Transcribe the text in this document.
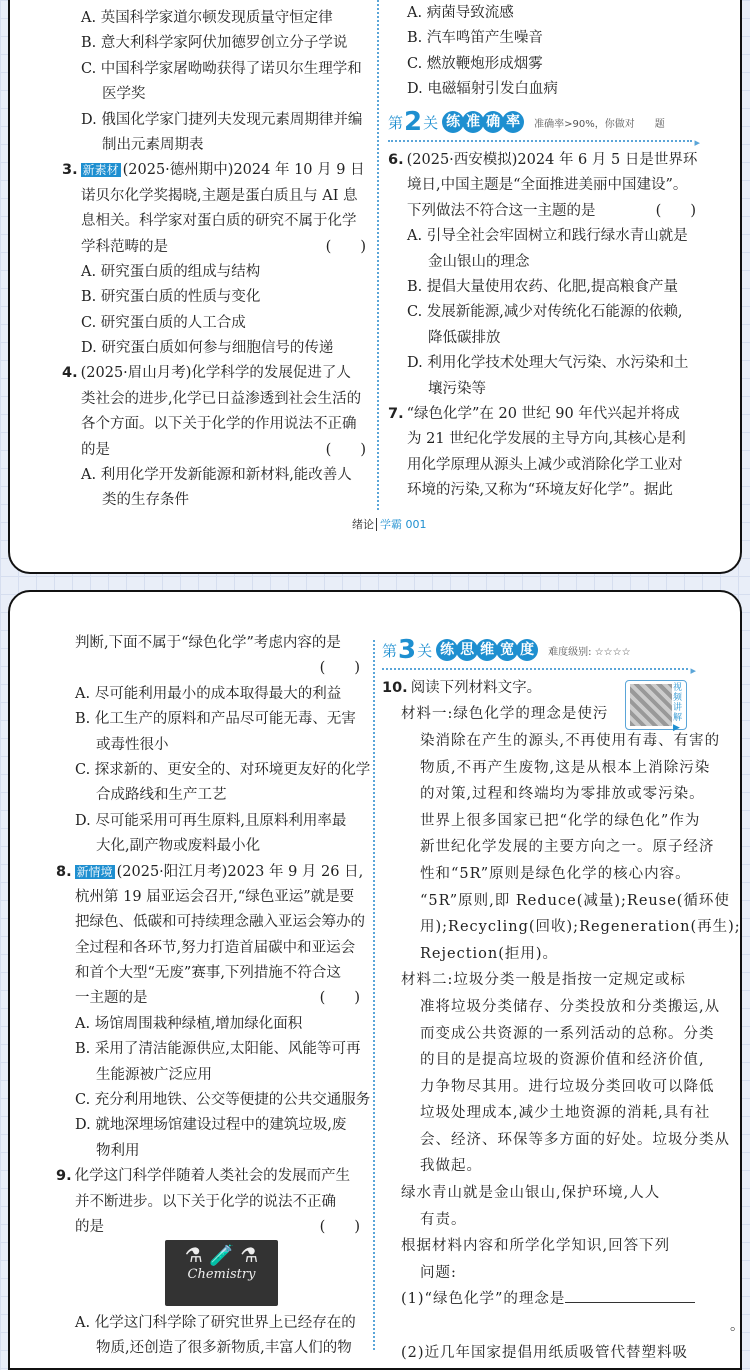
A. 英国科学家道尔顿发现质量守恒定律
B. 意大利科学家阿伏加德罗创立分子学说
C. 中国科学家屠呦呦获得了诺贝尔生理学和
医学奖
D. 俄国化学家门捷列夫发现元素周期律并编
制出元素周期表
3. 新素材 (2025·德州期中)2024 年 10 月 9 日
诺贝尔化学奖揭晓,主题是蛋白质且与 AI 息
息相关。科学家对蛋白质的研究不属于化学
学科范畴的是	(　　)
A. 研究蛋白质的组成与结构
B. 研究蛋白质的性质与变化
C. 研究蛋白质的人工合成
D. 研究蛋白质如何参与细胞信号的传递
4. (2025·眉山月考)化学科学的发展促进了人
类社会的进步,化学已日益渗透到社会生活的
各个方面。以下关于化学的作用说法不正确
的是	(　　)
A. 利用化学开发新能源和新材料,能改善人
类的生存条件
A. 病菌导致流感
B. 汽车鸣笛产生噪音
C. 燃放鞭炮形成烟雾
D. 电磁辐射引发白血病
第 2 关 练 准 确 率 准确率>90%，你做对　　题
▸
6. (2025·西安模拟)2024 年 6 月 5 日是世界环
境日,中国主题是“全面推进美丽中国建设”。
下列做法不符合这一主题的是	(　　)
A. 引导全社会牢固树立和践行绿水青山就是
金山银山的理念
B. 提倡大量使用农药、化肥,提高粮食产量
C. 发展新能源,减少对传统化石能源的依赖,
降低碳排放
D. 利用化学技术处理大气污染、水污染和土
壤污染等
7. “绿色化学”在 20 世纪 90 年代兴起并将成
为 21 世纪化学发展的主导方向,其核心是利
用化学原理从源头上减少或消除化学工业对
环境的污染,又称为“环境友好化学”。据此
绪论 学霸 001
判断,下面不属于“绿色化学”考虑内容的是
(　　)
A. 尽可能利用最小的成本取得最大的利益
B. 化工生产的原料和产品尽可能无毒、无害
或毒性很小
C. 探求新的、更安全的、对环境更友好的化学
合成路线和生产工艺
D. 尽可能采用可再生原料,且原料利用率最
大化,副产物或废料最小化
8. 新情境 (2025·阳江月考)2023 年 9 月 26 日,
杭州第 19 届亚运会召开,“绿色亚运”就是要
把绿色、低碳和可持续理念融入亚运会筹办的
全过程和各环节,努力打造首届碳中和亚运会
和首个大型“无废”赛事,下列措施不符合这
一主题的是	(　　)
A. 场馆周围栽种绿植,增加绿化面积
B. 采用了清洁能源供应,太阳能、风能等可再
生能源被广泛应用
C. 充分利用地铁、公交等便捷的公共交通服务
D. 就地深埋场馆建设过程中的建筑垃圾,废
物利用
9. 化学这门科学伴随着人类社会的发展而产生
并不断进步。以下关于化学的说法不正确
的是	(　　)
⚗ 🧪 ⚗
Chemistry
A. 化学这门科学除了研究世界上已经存在的
物质,还创造了很多新物质,丰富人们的物
第 3 关 练 思 维 宽 度 难度级别: ☆☆☆☆
▸
视频讲解▶
10. 阅读下列材料文字。
材料一:绿色化学的理念是使污
染消除在产生的源头,不再使用有毒、有害的
物质,不再产生废物,这是从根本上消除污染
的对策,过程和终端均为零排放或零污染。
世界上很多国家已把“化学的绿色化”作为
新世纪化学发展的主要方向之一。原子经济
性和“5R”原则是绿色化学的核心内容。
“5R”原则,即 Reduce(减量);Reuse(循环使
用);Recycling(回收);Regeneration(再生);
Rejection(拒用)。
材料二:垃圾分类一般是指按一定规定或标
准将垃圾分类储存、分类投放和分类搬运,从
而变成公共资源的一系列活动的总称。分类
的目的是提高垃圾的资源价值和经济价值,
力争物尽其用。进行垃圾分类回收可以降低
垃圾处理成本,减少土地资源的消耗,具有社
会、经济、环保等多方面的好处。垃圾分类从
我做起。
绿水青山就是金山银山,保护环境,人人
有责。
根据材料内容和所学化学知识,回答下列
问题:
(1)“绿色化学”的理念是
　　　　　　　　　　　　　　　　　　　　。
(2)近几年国家提倡用纸质吸管代替塑料吸
